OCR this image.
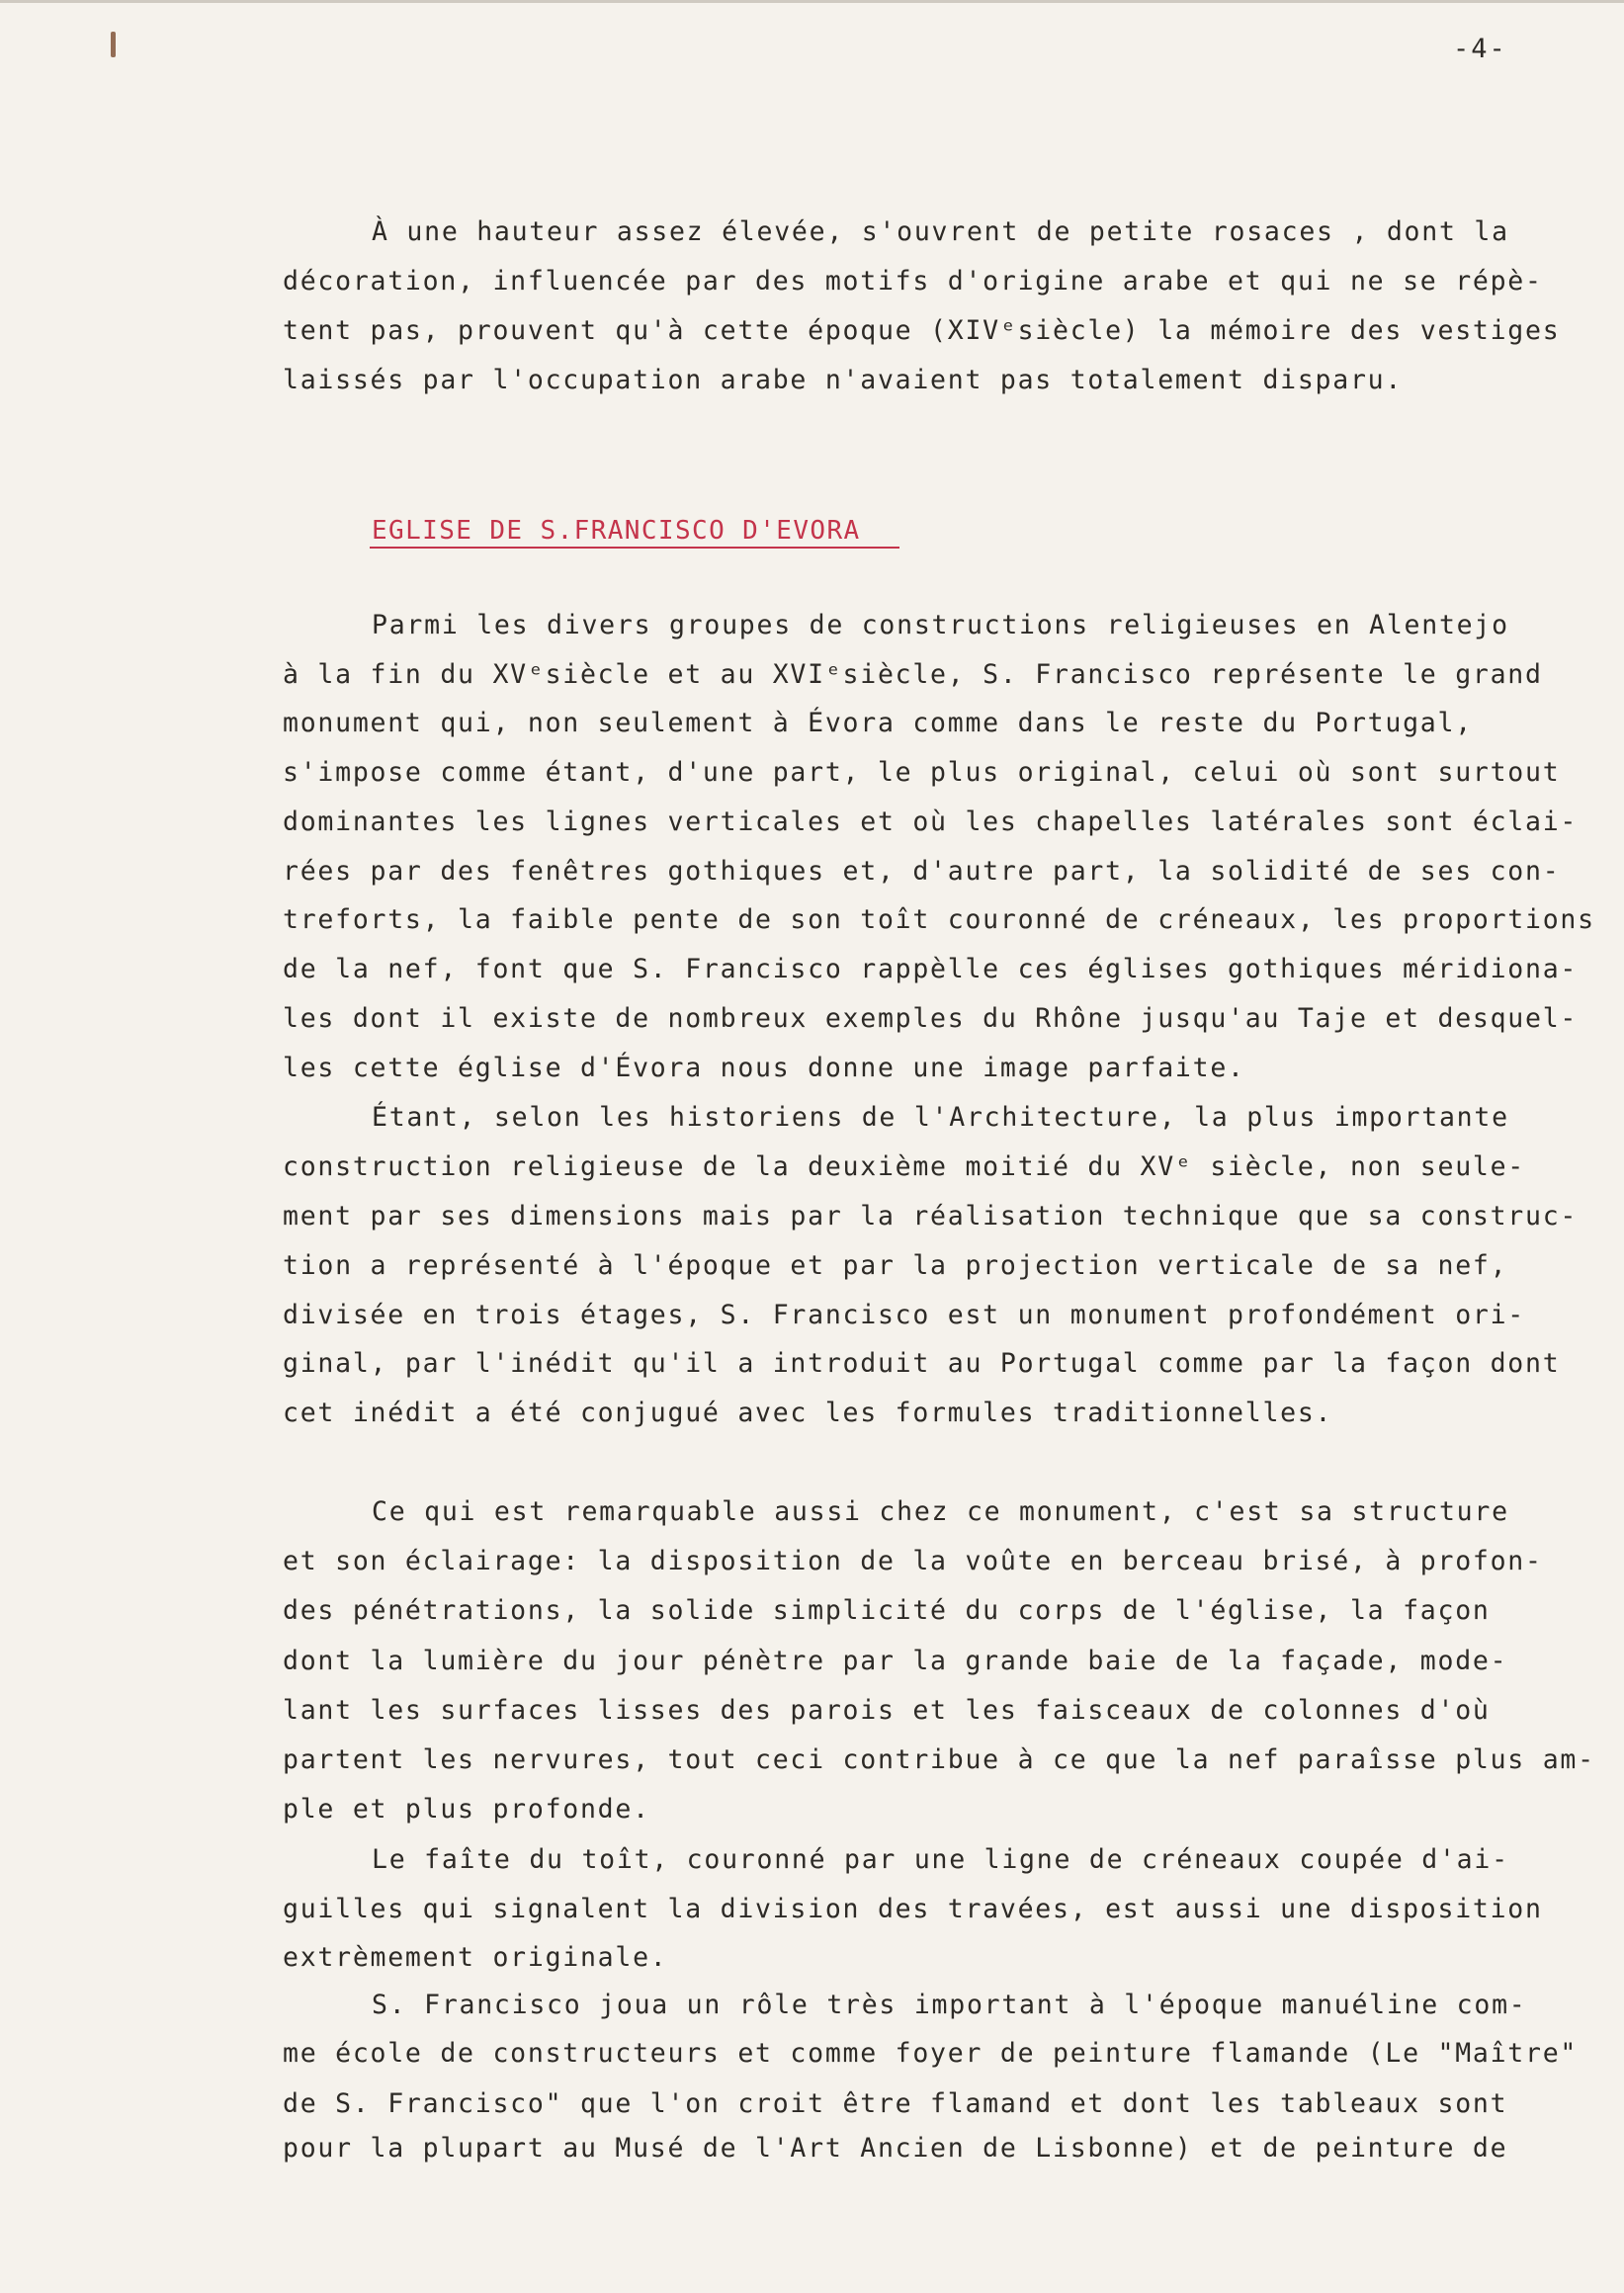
-4-
À une hauteur assez élevée, s'ouvrent de petite rosaces , dont la
décoration, influencée par des motifs d'origine arabe et qui ne se répè-
tent pas, prouvent qu'à cette époque (XIVᵉsiècle) la mémoire des vestiges
laissés par l'occupation arabe n'avaient pas totalement disparu.
EGLISE DE S.FRANCISCO D'EVORA
Parmi les divers groupes de constructions religieuses en Alentejo
à la fin du XVᵉsiècle et au XVIᵉsiècle, S. Francisco représente le grand
monument qui, non seulement à Évora comme dans le reste du Portugal,
s'impose comme étant, d'une part, le plus original, celui où sont surtout
dominantes les lignes verticales et où les chapelles latérales sont éclai-
rées par des fenêtres gothiques et, d'autre part, la solidité de ses con-
treforts, la faible pente de son toît couronné de créneaux, les proportions
de la nef, font que S. Francisco rappèlle ces églises gothiques méridiona-
les dont il existe de nombreux exemples du Rhône jusqu'au Taje et desquel-
les cette église d'Évora nous donne une image parfaite.
Étant, selon les historiens de l'Architecture, la plus importante
construction religieuse de la deuxième moitié du XVᵉ siècle, non seule-
ment par ses dimensions mais par la réalisation technique que sa construc-
tion a représenté à l'époque et par la projection verticale de sa nef,
divisée en trois étages, S. Francisco est un monument profondément ori-
ginal, par l'inédit qu'il a introduit au Portugal comme par la façon dont
cet inédit a été conjugué avec les formules traditionnelles.
Ce qui est remarquable aussi chez ce monument, c'est sa structure
et son éclairage: la disposition de la voûte en berceau brisé, à profon-
des pénétrations, la solide simplicité du corps de l'église, la façon
dont la lumière du jour pénètre par la grande baie de la façade, mode-
lant les surfaces lisses des parois et les faisceaux de colonnes d'où
partent les nervures, tout ceci contribue à ce que la nef paraîsse plus am-
ple et plus profonde.
Le faîte du toît, couronné par une ligne de créneaux coupée d'ai-
guilles qui signalent la division des travées, est aussi une disposition
extrèmement originale.
S. Francisco joua un rôle très important à l'époque manuéline com-
me école de constructeurs et comme foyer de peinture flamande (Le "Maître"
de S. Francisco" que l'on croit être flamand et dont les tableaux sont
pour la plupart au Musé de l'Art Ancien de Lisbonne) et de peinture de
